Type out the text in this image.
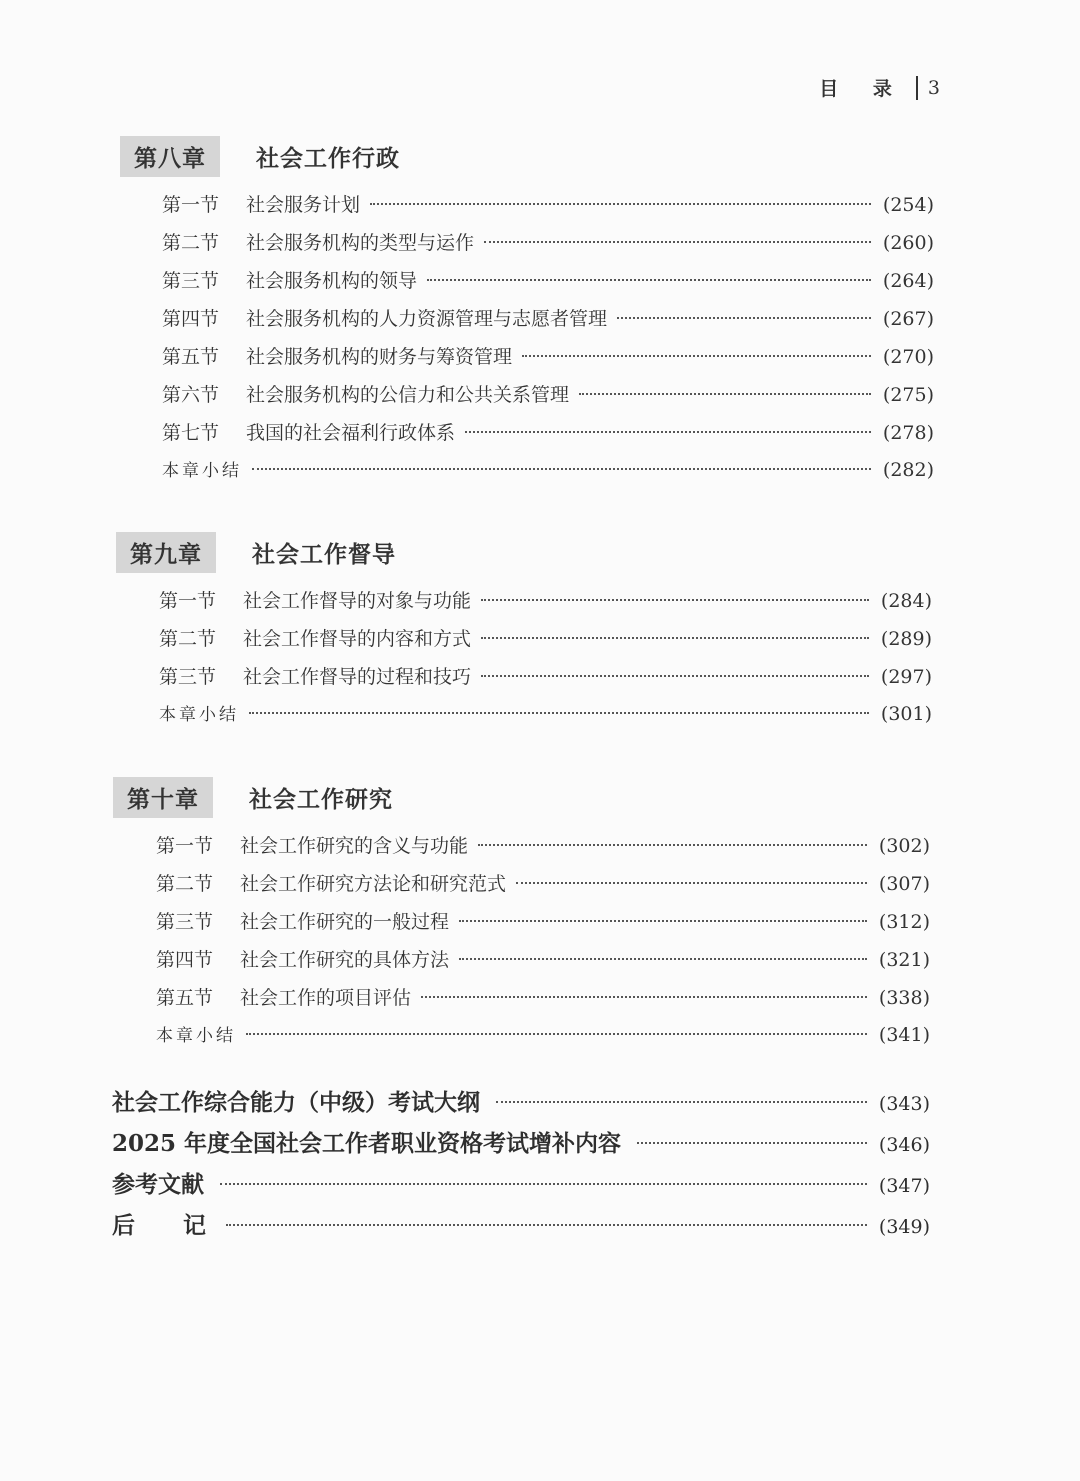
目 录 3
第八章	社会工作行政
第一节	社会服务计划	(254)
第二节	社会服务机构的类型与运作	(260)
第三节	社会服务机构的领导	(264)
第四节	社会服务机构的人力资源管理与志愿者管理	(267)
第五节	社会服务机构的财务与筹资管理	(270)
第六节	社会服务机构的公信力和公共关系管理	(275)
第七节	我国的社会福利行政体系	(278)
本章小结	(282)
第九章	社会工作督导
第一节	社会工作督导的对象与功能	(284)
第二节	社会工作督导的内容和方式	(289)
第三节	社会工作督导的过程和技巧	(297)
本章小结	(301)
第十章	社会工作研究
第一节	社会工作研究的含义与功能	(302)
第二节	社会工作研究方法论和研究范式	(307)
第三节	社会工作研究的一般过程	(312)
第四节	社会工作研究的具体方法	(321)
第五节	社会工作的项目评估	(338)
本章小结	(341)
社会工作综合能力（中级）考试大纲	(343)
2025 年度全国社会工作者职业资格考试增补内容	(346)
参考文献	(347)
后记	(349)
